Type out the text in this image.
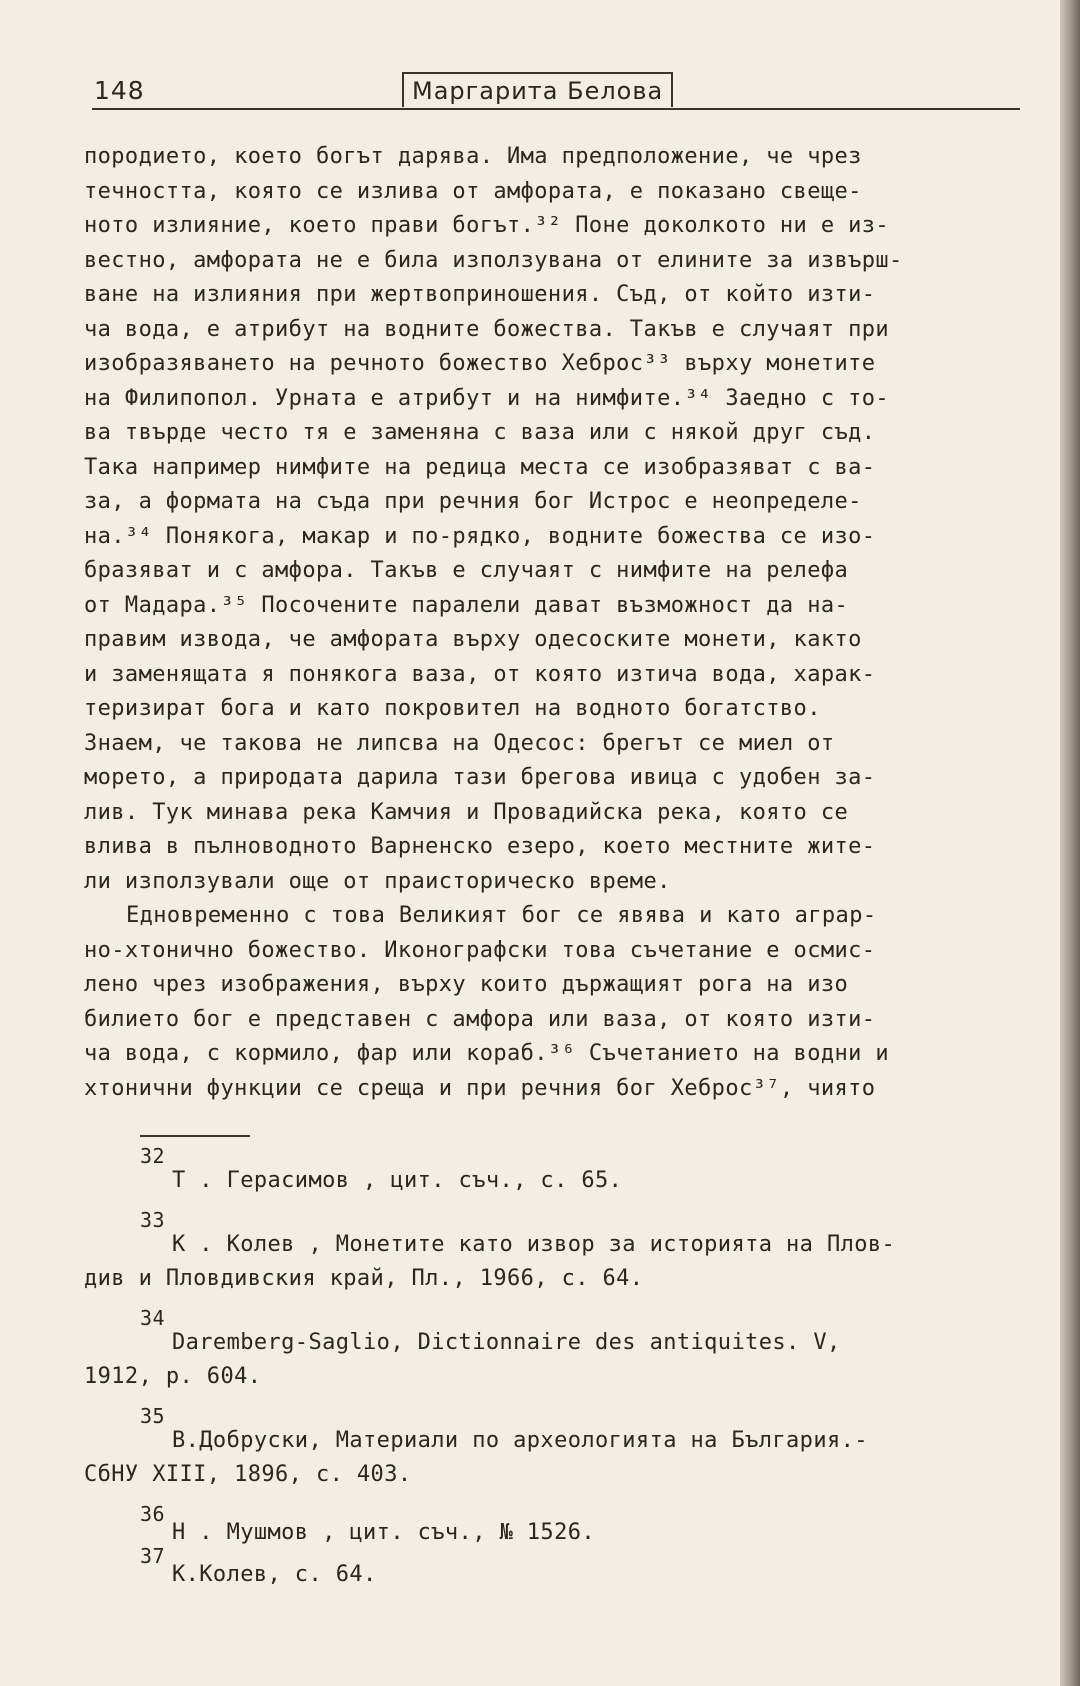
148	Маргарита Белова
породието, което богът дарява. Има предположение, че чрез
течността, която се излива от амфората, е показано свеще-
ното излияние, което прави богът.³² Поне доколкото ни е из-
вестно, амфората не е била използувана от елините за извърш-
ване на излияния при жертвоприношения. Съд, от който изти-
ча вода, е атрибут на водните божества. Такъв е случаят при
изобразяването на речното божество Хеброс³³ върху монетите
на Филипопол. Урната е атрибут и на нимфите.³⁴ Заедно с то-
ва твърде често тя е заменяна с ваза или с някой друг съд.
Така например нимфите на редица места се изобразяват с ва-
за, а формата на съда при речния бог Истрос е неопределе-
на.³⁴ Понякога, макар и по-рядко, водните божества се изо-
бразяват и с амфора. Такъв е случаят с нимфите на релефа
от Мадара.³⁵ Посочените паралели дават възможност да на-
правим извода, че амфората върху одесоските монети, както
и заменящата я понякога ваза, от която изтича вода, харак-
теризират бога и като покровител на водното богатство.
Знаем, че такова не липсва на Одесос: брегът се миел от
морето, а природата дарила тази брегова ивица с удобен за-
лив. Тук минава река Камчия и Провадийска река, която се
влива в пълноводното Варненско езеро, което местните жите-
ли използували още от праисторическо време.
Едновременно с това Великият бог се явява и като аграр-
но-хтонично божество. Иконографски това съчетание е осмис-
лено чрез изображения, върху които държащият рога на изо
билието бог е представен с амфора или ваза, от която изти-
ча вода, с кормило, фар или кораб.³⁶ Съчетанието на водни и
хтонични функции се среща и при речния бог Хеброс³⁷, чиято
32
Т . Герасимов , цит. съч., с. 65.
33
К . Колев , Монетите като извор за историята на Плов-
див и Пловдивския край, Пл., 1966, с. 64.
34
Daremberg-Saglio, Dictionnaire des antiquites. V,
1912, p. 604.
35
В.Добруски, Материали по археологията на България.-
СбНУ XIII, 1896, с. 403.
36
Н . Мушмов , цит. съч., № 1526.
37
К.Колев, с. 64.
